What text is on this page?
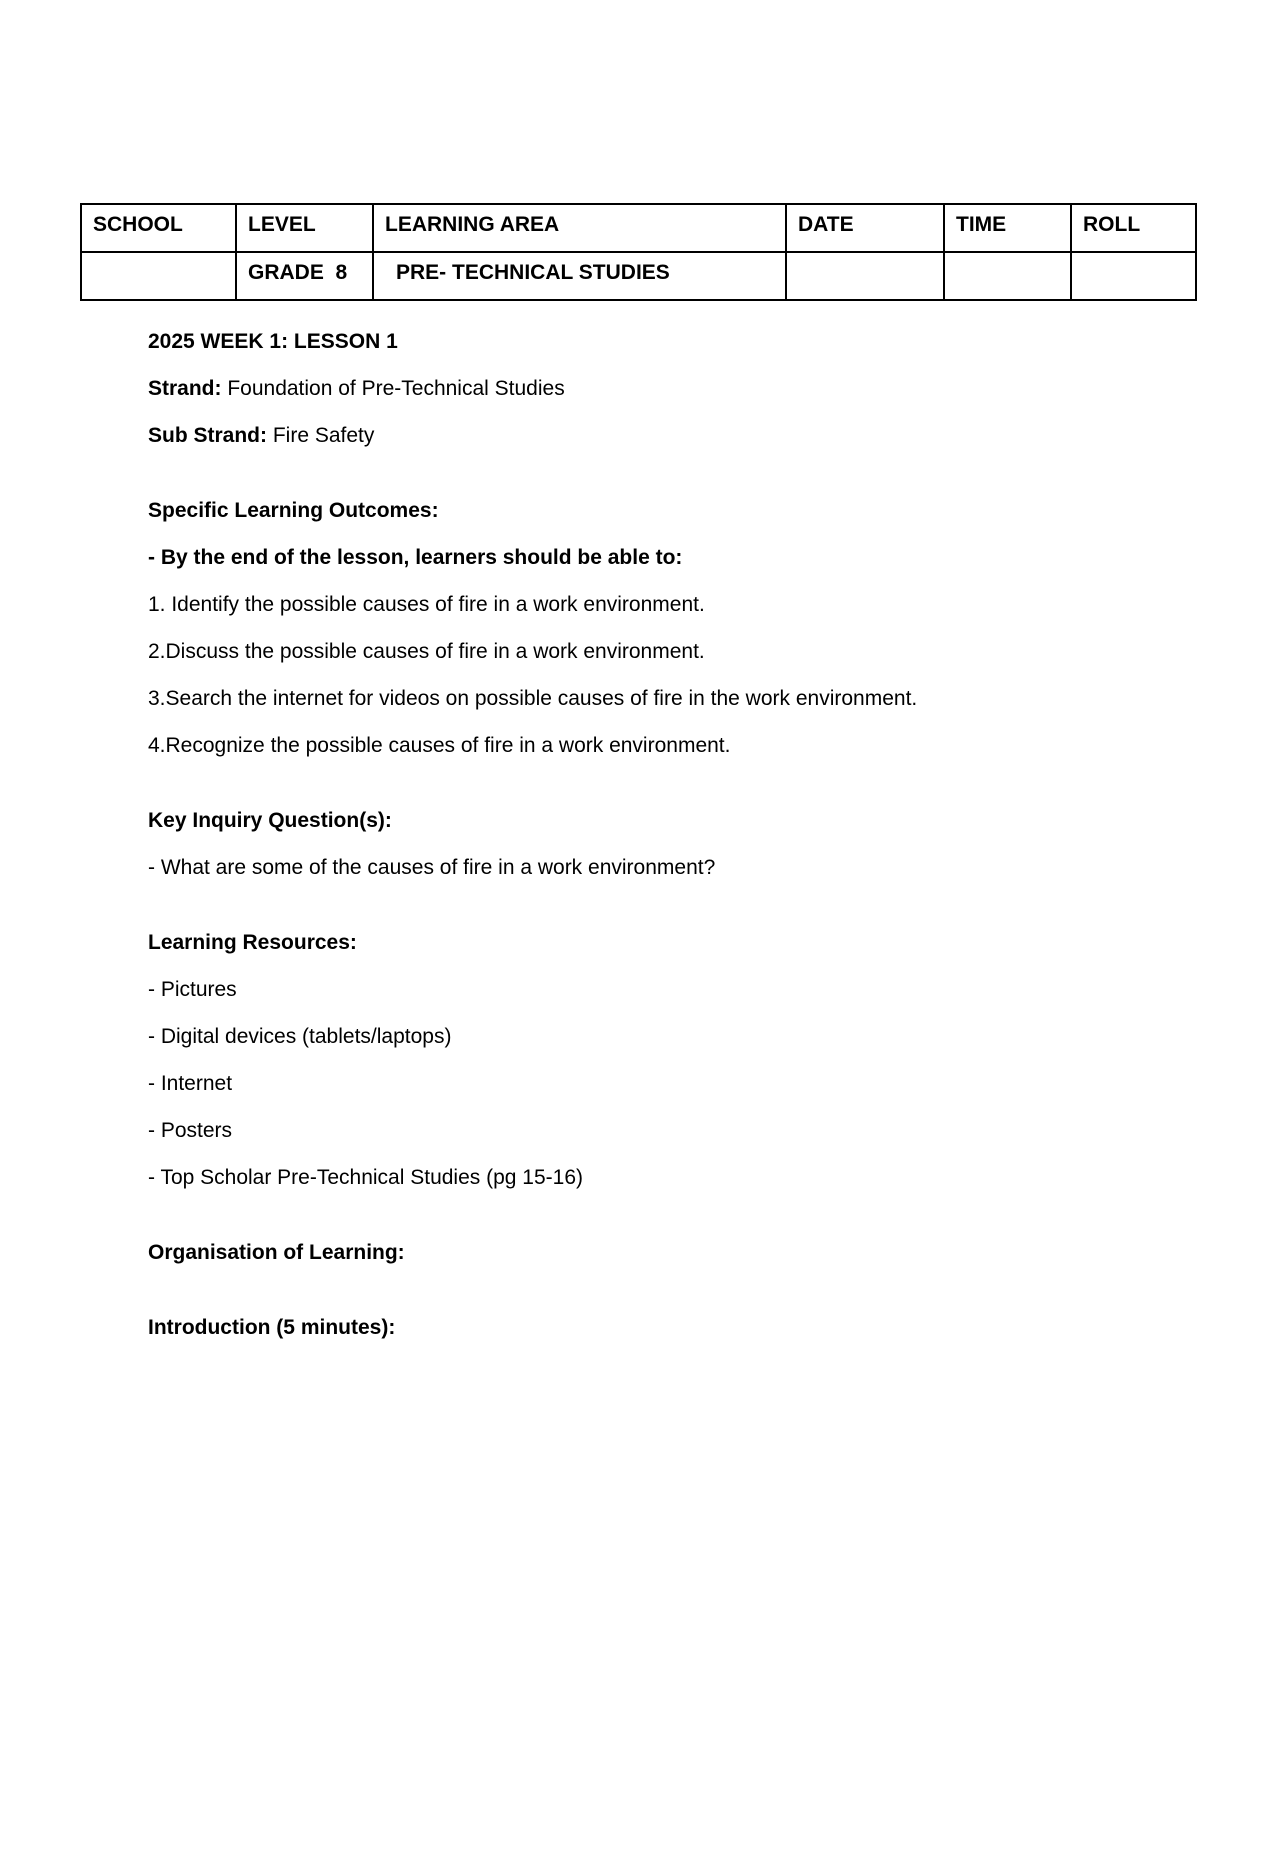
SCHOOL	LEVEL	LEARNING AREA	DATE	TIME	ROLL
	GRADE  8	PRE- TECHNICAL STUDIES			

2025 WEEK 1: LESSON 1

Strand: Foundation of Pre-Technical Studies

Sub Strand: Fire Safety

Specific Learning Outcomes:

- By the end of the lesson, learners should be able to:

1. Identify the possible causes of fire in a work environment.

2.Discuss the possible causes of fire in a work environment.

3.Search the internet for videos on possible causes of fire in the work environment.

4.Recognize the possible causes of fire in a work environment.

Key Inquiry Question(s):

- What are some of the causes of fire in a work environment?

Learning Resources:

- Pictures

- Digital devices (tablets/laptops)

- Internet

- Posters

- Top Scholar Pre-Technical Studies (pg 15-16)

Organisation of Learning:

Introduction (5 minutes):
